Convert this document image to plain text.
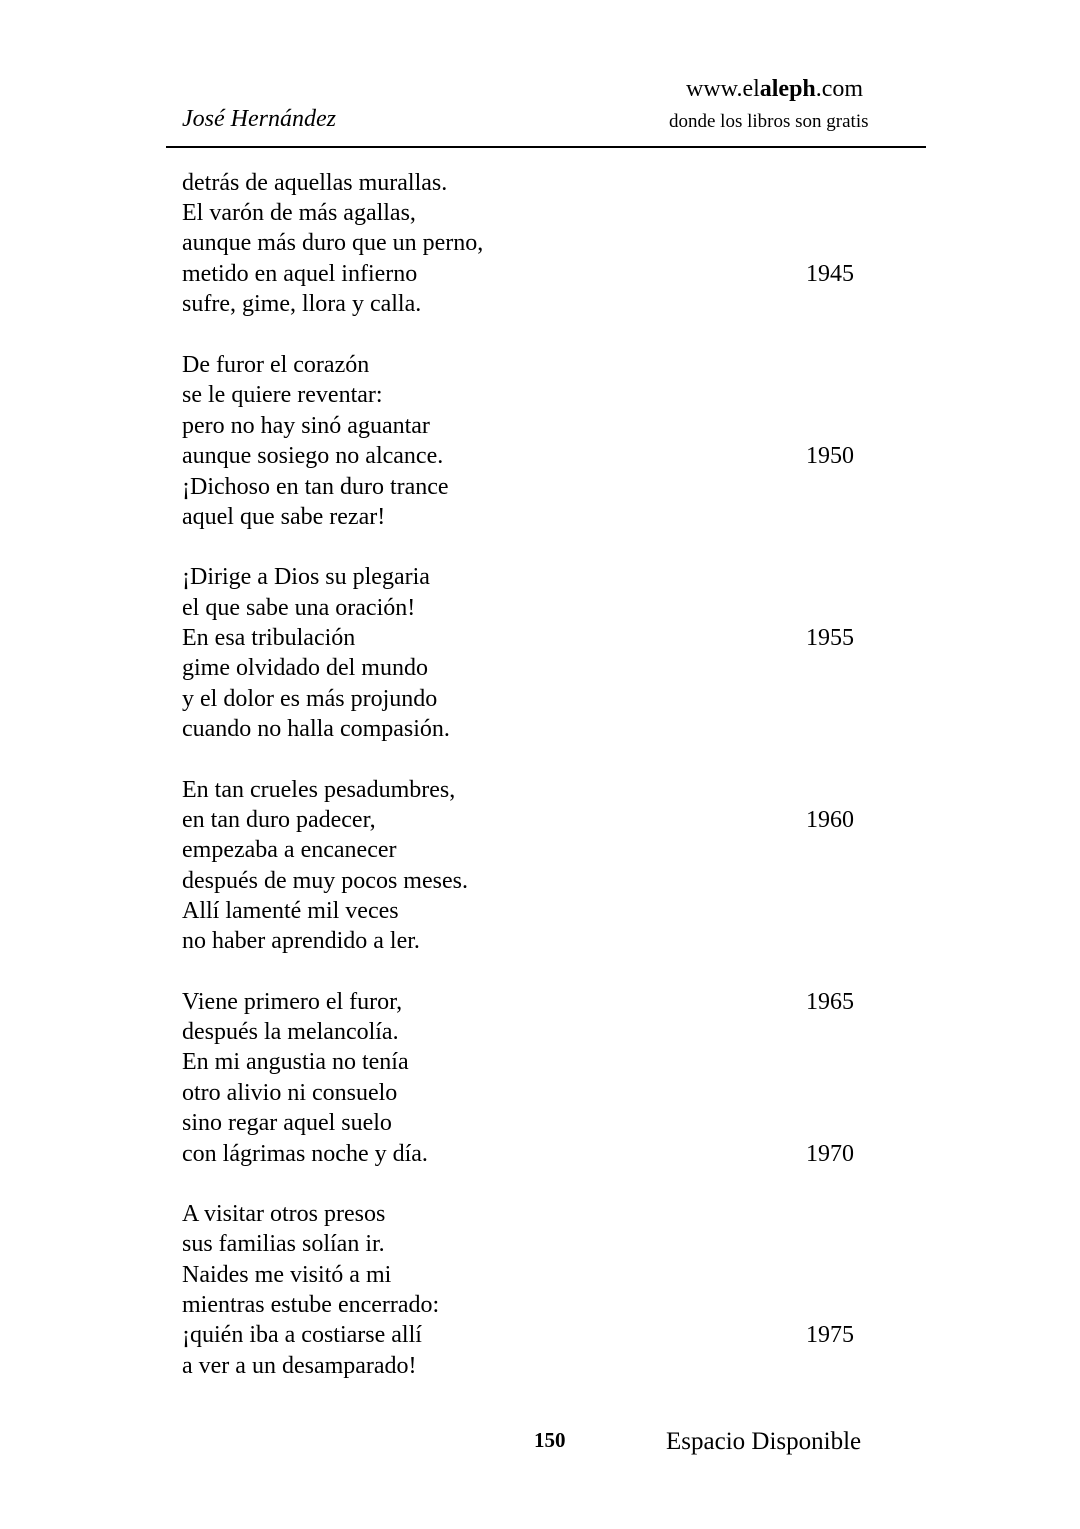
José Hernández
www.elaleph.com
donde los libros son gratis
detrás de aquellas murallas.
El varón de más agallas,
aunque más duro que un perno,
metido en aquel infierno
sufre, gime, llora y calla.
De furor el corazón
se le quiere reventar:
pero no hay sinó aguantar
aunque sosiego no alcance.
¡Dichoso en tan duro trance
aquel que sabe rezar!
¡Dirige a Dios su plegaria
el que sabe una oración!
En esa tribulación
gime olvidado del mundo
y el dolor es más projundo
cuando no halla compasión.
En tan crueles pesadumbres,
en tan duro padecer,
empezaba a encanecer
después de muy pocos meses.
Allí lamenté mil veces
no haber aprendido a ler.
Viene primero el furor,
después la melancolía.
En mi angustia no tenía
otro alivio ni consuelo
sino regar aquel suelo
con lágrimas noche y día.
A visitar otros presos
sus familias solían ir.
Naides me visitó a mi
mientras estube encerrado:
¡quién iba a costiarse allí
a ver a un desamparado!
1945
1950
1955
1960
1965
1970
1975
150	Espacio Disponible
